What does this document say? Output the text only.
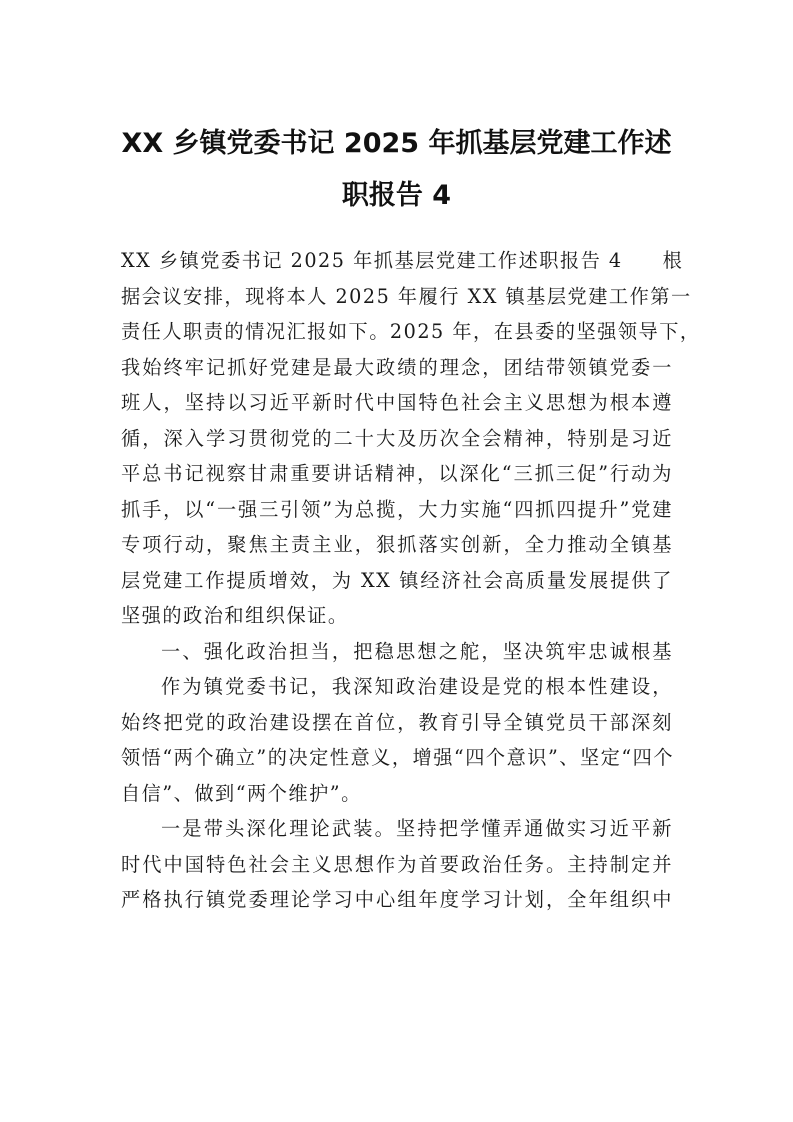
XX 乡镇党委书记 2025 年抓基层党建工作述
职报告 4

XX 乡镇党委书记 2025 年抓基层党建工作述职报告 4 根

据会议安排，现将本人 2025 年履行 XX 镇基层党建工作第一

责任人职责的情况汇报如下。2025 年，在县委的坚强领导下，

我始终牢记抓好党建是最大政绩的理念，团结带领镇党委一

班人，坚持以习近平新时代中国特色社会主义思想为根本遵

循，深入学习贯彻党的二十大及历次全会精神，特别是习近

平总书记视察甘肃重要讲话精神，以深化“三抓三促”行动为

抓手，以“一强三引领”为总揽，大力实施“四抓四提升”党建

专项行动，聚焦主责主业，狠抓落实创新，全力推动全镇基

层党建工作提质增效，为 XX 镇经济社会高质量发展提供了

坚强的政治和组织保证。

一、强化政治担当，把稳思想之舵，坚决筑牢忠诚根基

作为镇党委书记，我深知政治建设是党的根本性建设，

始终把党的政治建设摆在首位，教育引导全镇党员干部深刻

领悟“两个确立”的决定性意义，增强“四个意识”、坚定“四个

自信”、做到“两个维护”。

一是带头深化理论武装。坚持把学懂弄通做实习近平新

时代中国特色社会主义思想作为首要政治任务。主持制定并

严格执行镇党委理论学习中心组年度学习计划，全年组织中
